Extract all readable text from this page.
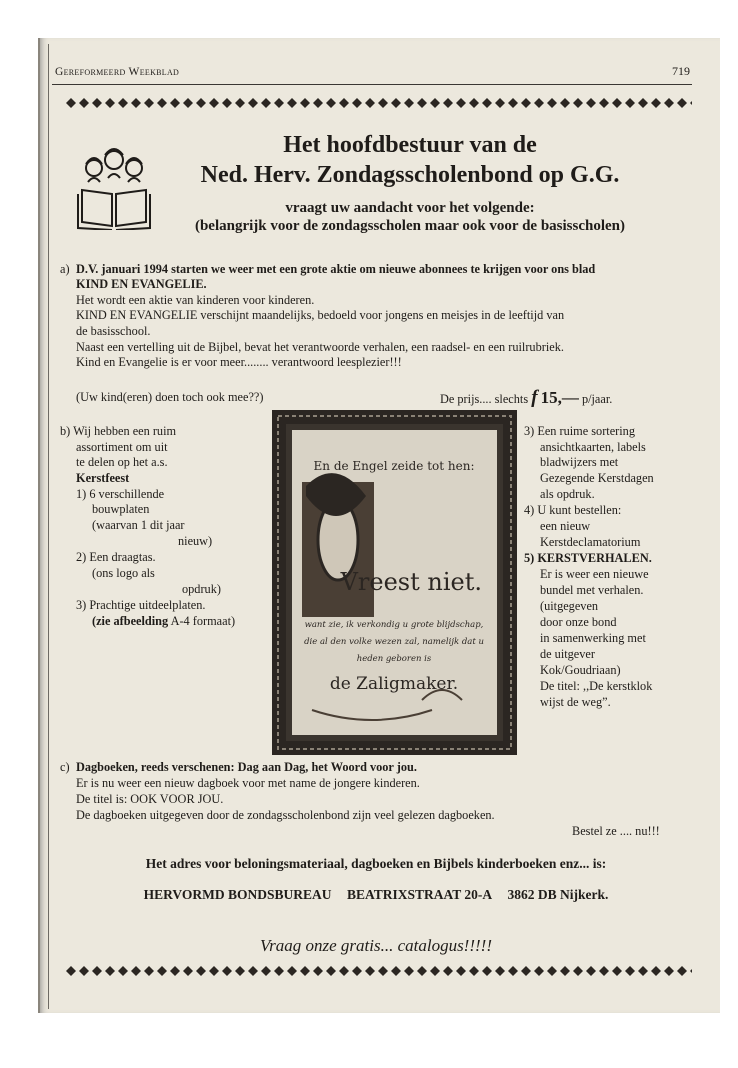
Gereformeerd Weekblad	719
Het hoofdbestuur van de
Ned. Herv. Zondagsscholenbond op G.G.
vraagt uw aandacht voor het volgende:
(belangrijk voor de zondagsscholen maar ook voor de basisscholen)
a) D.V. januari 1994 starten we weer met een grote aktie om nieuwe abonnees te krijgen voor ons blad
KIND EN EVANGELIE.
Het wordt een aktie van kinderen voor kinderen.
KIND EN EVANGELIE verschijnt maandelijks, bedoeld voor jongens en meisjes in de leeftijd van
de basisschool.
Naast een vertelling uit de Bijbel, bevat het verantwoorde verhalen, een raadsel- en een ruilrubriek.
Kind en Evangelie is er voor meer........ verantwoord leesplezier!!!
(Uw kind(eren) doen toch ook mee??)	De prijs.... slechts f 15,— p/jaar.
b) Wij hebben een ruim
assortiment om uit
te delen op het a.s.
Kerstfeest
1) 6 verschillende
bouwplaten
(waarvan 1 dit jaar
nieuw)
2) Een draagtas.
(ons logo als
opdruk)
3) Prachtige uitdeelplaten.
(zie afbeelding A-4 formaat)
En de Engel zeide tot hen:
Vreest niet.
want zie, ik verkondig u grote blijdschap,
die al den volke wezen zal, namelijk dat u
heden geboren is
de Zaligmaker.
3) Een ruime sortering
ansichtkaarten, labels
bladwijzers met
Gezegende Kerstdagen
als opdruk.
4) U kunt bestellen:
een nieuw
Kerstdeclamatorium
5) KERSTVERHALEN.
Er is weer een nieuwe
bundel met verhalen.
(uitgegeven
door onze bond
in samenwerking met
de uitgever
Kok/Goudriaan)
De titel: ,,De kerstklok
wijst de weg”.
c) Dagboeken, reeds verschenen: Dag aan Dag, het Woord voor jou.
Er is nu weer een nieuw dagboek voor met name de jongere kinderen.
De titel is: OOK VOOR JOU.
De dagboeken uitgegeven door de zondagsscholenbond zijn veel gelezen dagboeken.
Bestel ze .... nu!!!
Het adres voor beloningsmateriaal, dagboeken en Bijbels kinderboeken enz... is:
HERVORMD BONDSBUREAU BEATRIXSTRAAT 20-A 3862 DB Nijkerk.
Vraag onze gratis... catalogus!!!!!
